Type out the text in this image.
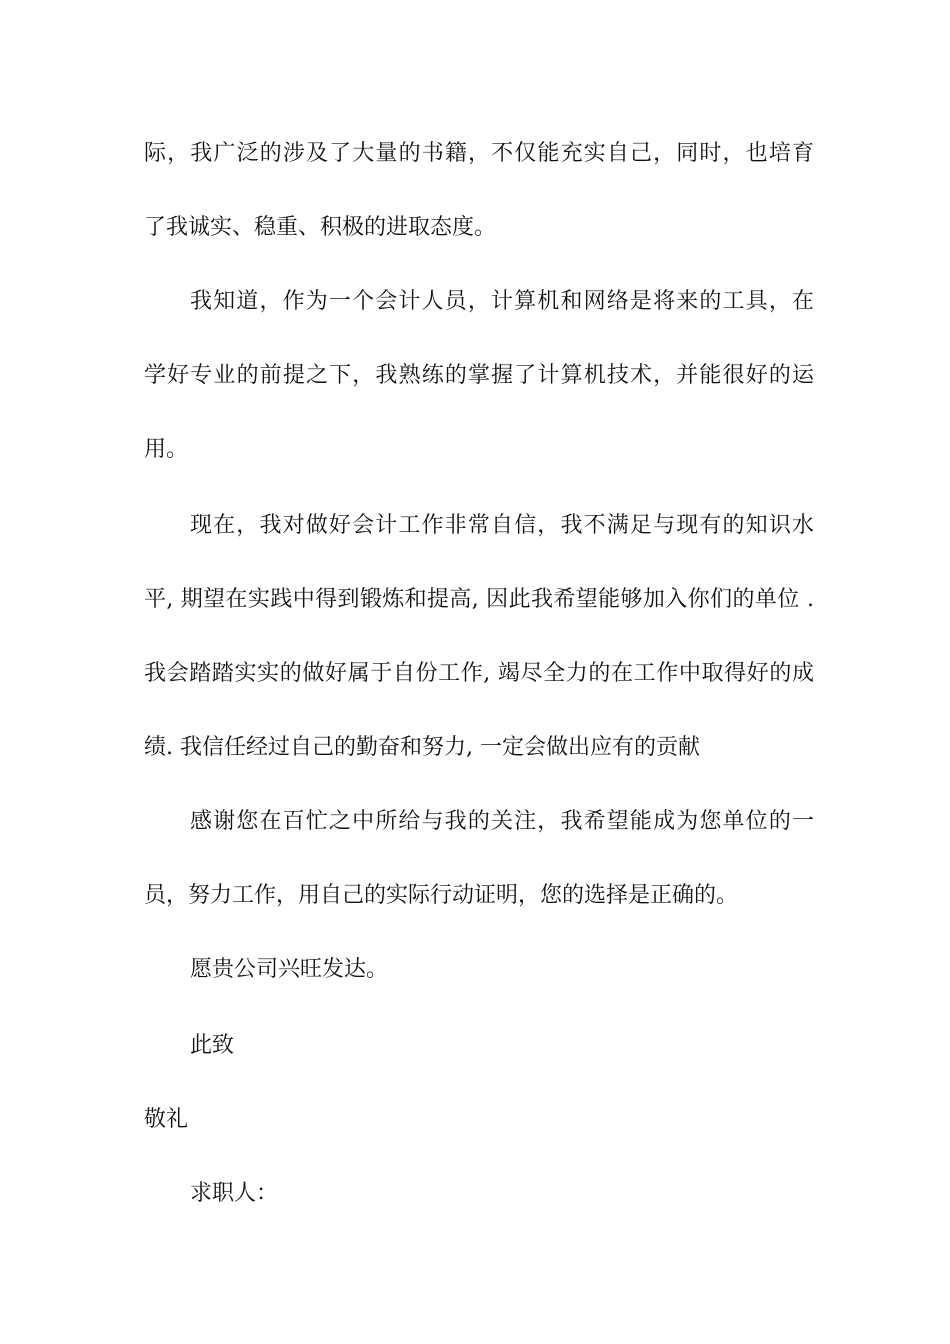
际，我广泛的涉及了大量的书籍，不仅能充实自己，同时，也培育
了我诚实、稳重、积极的进取态度。
我知道，作为一个会计人员，计算机和网络是将来的工具，在
学好专业的前提之下，我熟练的掌握了计算机技术，并能很好的运
用。
现在，我对做好会计工作非常自信，我不满足与现有的知识水
平, 期望在实践中得到锻炼和提高, 因此我希望能够加入你们的单位 .
我会踏踏实实的做好属于自份工作, 竭尽全力的在工作中取得好的成
绩. 我信任经过自己的勤奋和努力, 一定会做出应有的贡献
感谢您在百忙之中所给与我的关注，我希望能成为您单位的一
员，努力工作，用自己的实际行动证明，您的选择是正确的。
愿贵公司兴旺发达。
此致
敬礼
求职人：
